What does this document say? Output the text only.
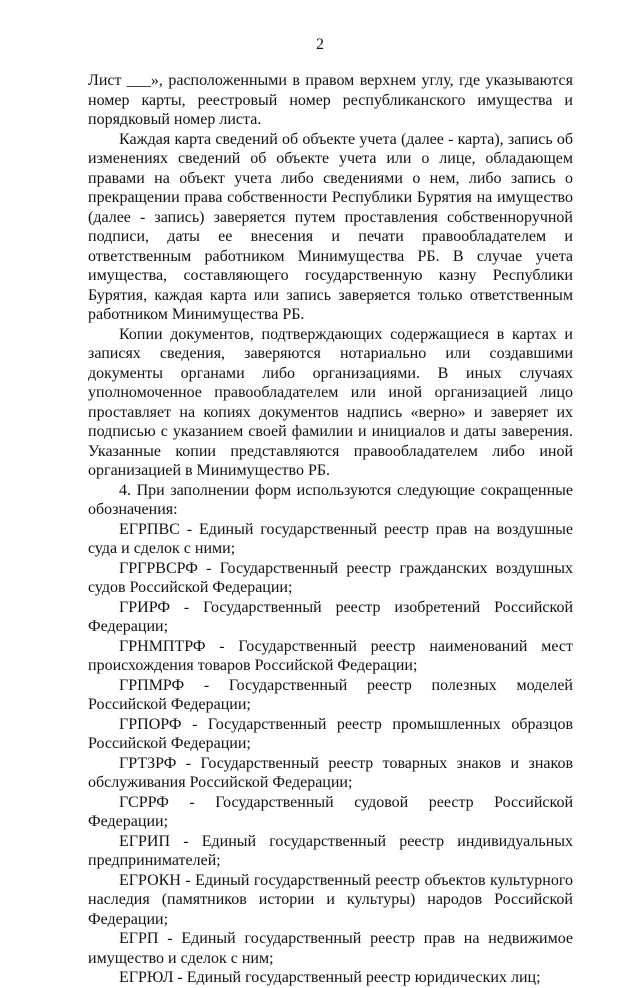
2

Лист ___», расположенными в правом верхнем углу, где указываются номер карты, реестровый номер республиканского имущества и порядковый номер листа.

Каждая карта сведений об объекте учета (далее - карта), запись об изменениях сведений об объекте учета или о лице, обладающем правами на объект учета либо сведениями о нем, либо запись о прекращении права собственности Республики Бурятия на имущество (далее - запись) заверяется путем проставления собственноручной подписи, даты ее внесения и печати правообладателем и ответственным работником Минимущества РБ. В случае учета имущества, составляющего государственную казну Республики Бурятия, каждая карта или запись заверяется только ответственным работником Минимущества РБ.

Копии документов, подтверждающих содержащиеся в картах и записях сведения, заверяются нотариально или создавшими документы органами либо организациями. В иных случаях уполномоченное правообладателем или иной организацией лицо проставляет на копиях документов надпись «верно» и заверяет их подписью с указанием своей фамилии и инициалов и даты заверения. Указанные копии представляются правообладателем либо иной организацией в Минимущество РБ.

4. При заполнении форм используются следующие сокращенные обозначения:

ЕГРПВС - Единый государственный реестр прав на воздушные суда и сделок с ними;

ГРГРВСРФ - Государственный реестр гражданских воздушных судов Российской Федерации;

ГРИРФ - Государственный реестр изобретений Российской Федерации;

ГРНМПТРФ - Государственный реестр наименований мест происхождения товаров Российской Федерации;

ГРПМРФ - Государственный реестр полезных моделей Российской Федерации;

ГРПОРФ - Государственный реестр промышленных образцов Российской Федерации;

ГРТЗРФ - Государственный реестр товарных знаков и знаков обслуживания Российской Федерации;

ГСРРФ - Государственный судовой реестр Российской Федерации;

ЕГРИП - Единый государственный реестр индивидуальных предпринимателей;

ЕГРОКН - Единый государственный реестр объектов культурного наследия (памятников истории и культуры) народов Российской Федерации;

ЕГРП - Единый государственный реестр прав на недвижимое имущество и сделок с ним;

ЕГРЮЛ - Единый государственный реестр юридических лиц;
